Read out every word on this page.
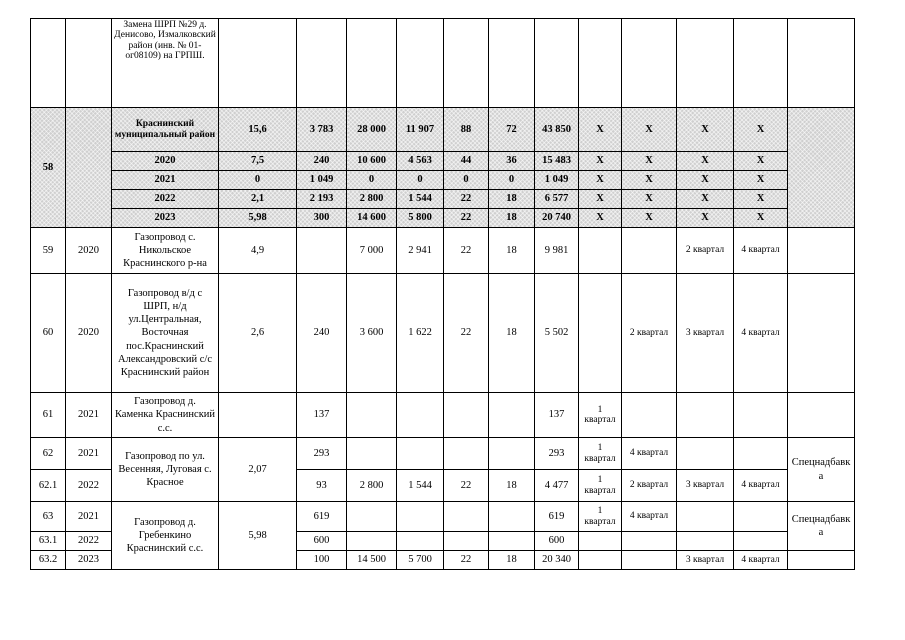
		Замена ШРП №29 д. Денисово, Измалковский район (инв. № 01-ог08109) на ГРПШ.												
58		Краснинский муниципальный район	15,6	3 783	28 000	11 907	88	72	43 850	X	X	X	X	
		2020	7,5	240	10 600	4 563	44	36	15 483	X	X	X	X	
		2021	0	1 049	0	0	0	0	1 049	X	X	X	X	
		2022	2,1	2 193	2 800	1 544	22	18	6 577	X	X	X	X	
		2023	5,98	300	14 600	5 800	22	18	20 740	X	X	X	X	
59	2020	Газопровод с. Никольское Краснинского р-на	4,9		7 000	2 941	22	18	9 981			2 квартал	4 квартал	
60	2020	Газопровод в/д с ШРП, н/д ул.Центральная, Восточная пос.Краснинский Александровский с/с Краснинский район	2,6	240	3 600	1 622	22	18	5 502		2 квартал	3 квартал	4 квартал	
61	2021	Газопровод д. Каменка Краснинский с.с.		137					137	1 квартал				
62	2021	Газопровод по ул. Весенняя, Луговая с. Красное	2,07	293					293	1 квартал	4 квартал			Спецнадбавка
62.1	2022			93	2 800	1 544	22	18	4 477	1 квартал	2 квартал	3 квартал	4 квартал	
63	2021	Газопровод д. Гребенкино Краснинский с.с.	5,98	619					619	1 квартал	4 квартал			Спецнадбавка
63.1	2022			600					600					
63.2	2023			100	14 500	5 700	22	18	20 340			3 квартал	4 квартал	
